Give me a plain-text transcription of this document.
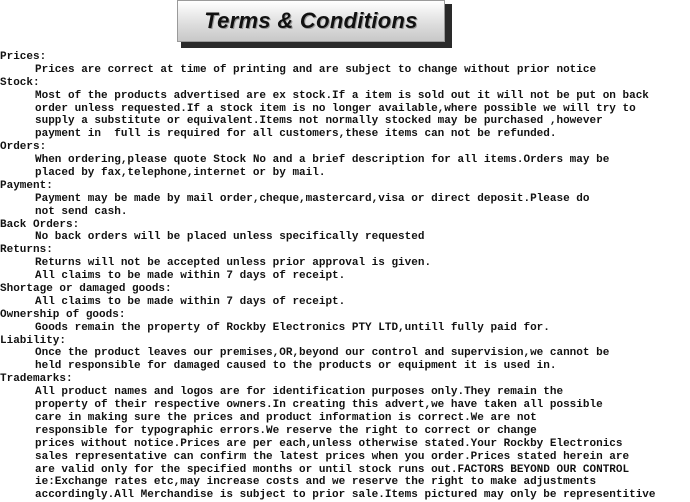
Terms & Conditions
Prices:
Prices are correct at time of printing and are subject to change without prior notice
Stock:
Most of the products advertised are ex stock.If a item is sold out it will not be put on back
order unless requested.If a stock item is no longer available,where possible we will try to
supply a substitute or equivalent.Items not normally stocked may be purchased ,however
payment in  full is required for all customers,these items can not be refunded.
Orders:
When ordering,please quote Stock No and a brief description for all items.Orders may be
placed by fax,telephone,internet or by mail.
Payment:
Payment may be made by mail order,cheque,mastercard,visa or direct deposit.Please do
not send cash.
Back Orders:
No back orders will be placed unless specifically requested
Returns:
Returns will not be accepted unless prior approval is given.
All claims to be made within 7 days of receipt.
Shortage or damaged goods:
All claims to be made within 7 days of receipt.
Ownership of goods:
Goods remain the property of Rockby Electronics PTY LTD,untill fully paid for.
Liability:
Once the product leaves our premises,OR,beyond our control and supervision,we cannot be
held responsible for damaged caused to the products or equipment it is used in.
Trademarks:
All product names and logos are for identification purposes only.They remain the
property of their respective owners.In creating this advert,we have taken all possible
care in making sure the prices and product information is correct.We are not
responsible for typographic errors.We reserve the right to correct or change
prices without notice.Prices are per each,unless otherwise stated.Your Rockby Electronics
sales representative can confirm the latest prices when you order.Prices stated herein are
are valid only for the specified months or until stock runs out.FACTORS BEYOND OUR CONTROL
ie:Exchange rates etc,may increase costs and we reserve the right to make adjustments
accordingly.All Merchandise is subject to prior sale.Items pictured may only be representitive
